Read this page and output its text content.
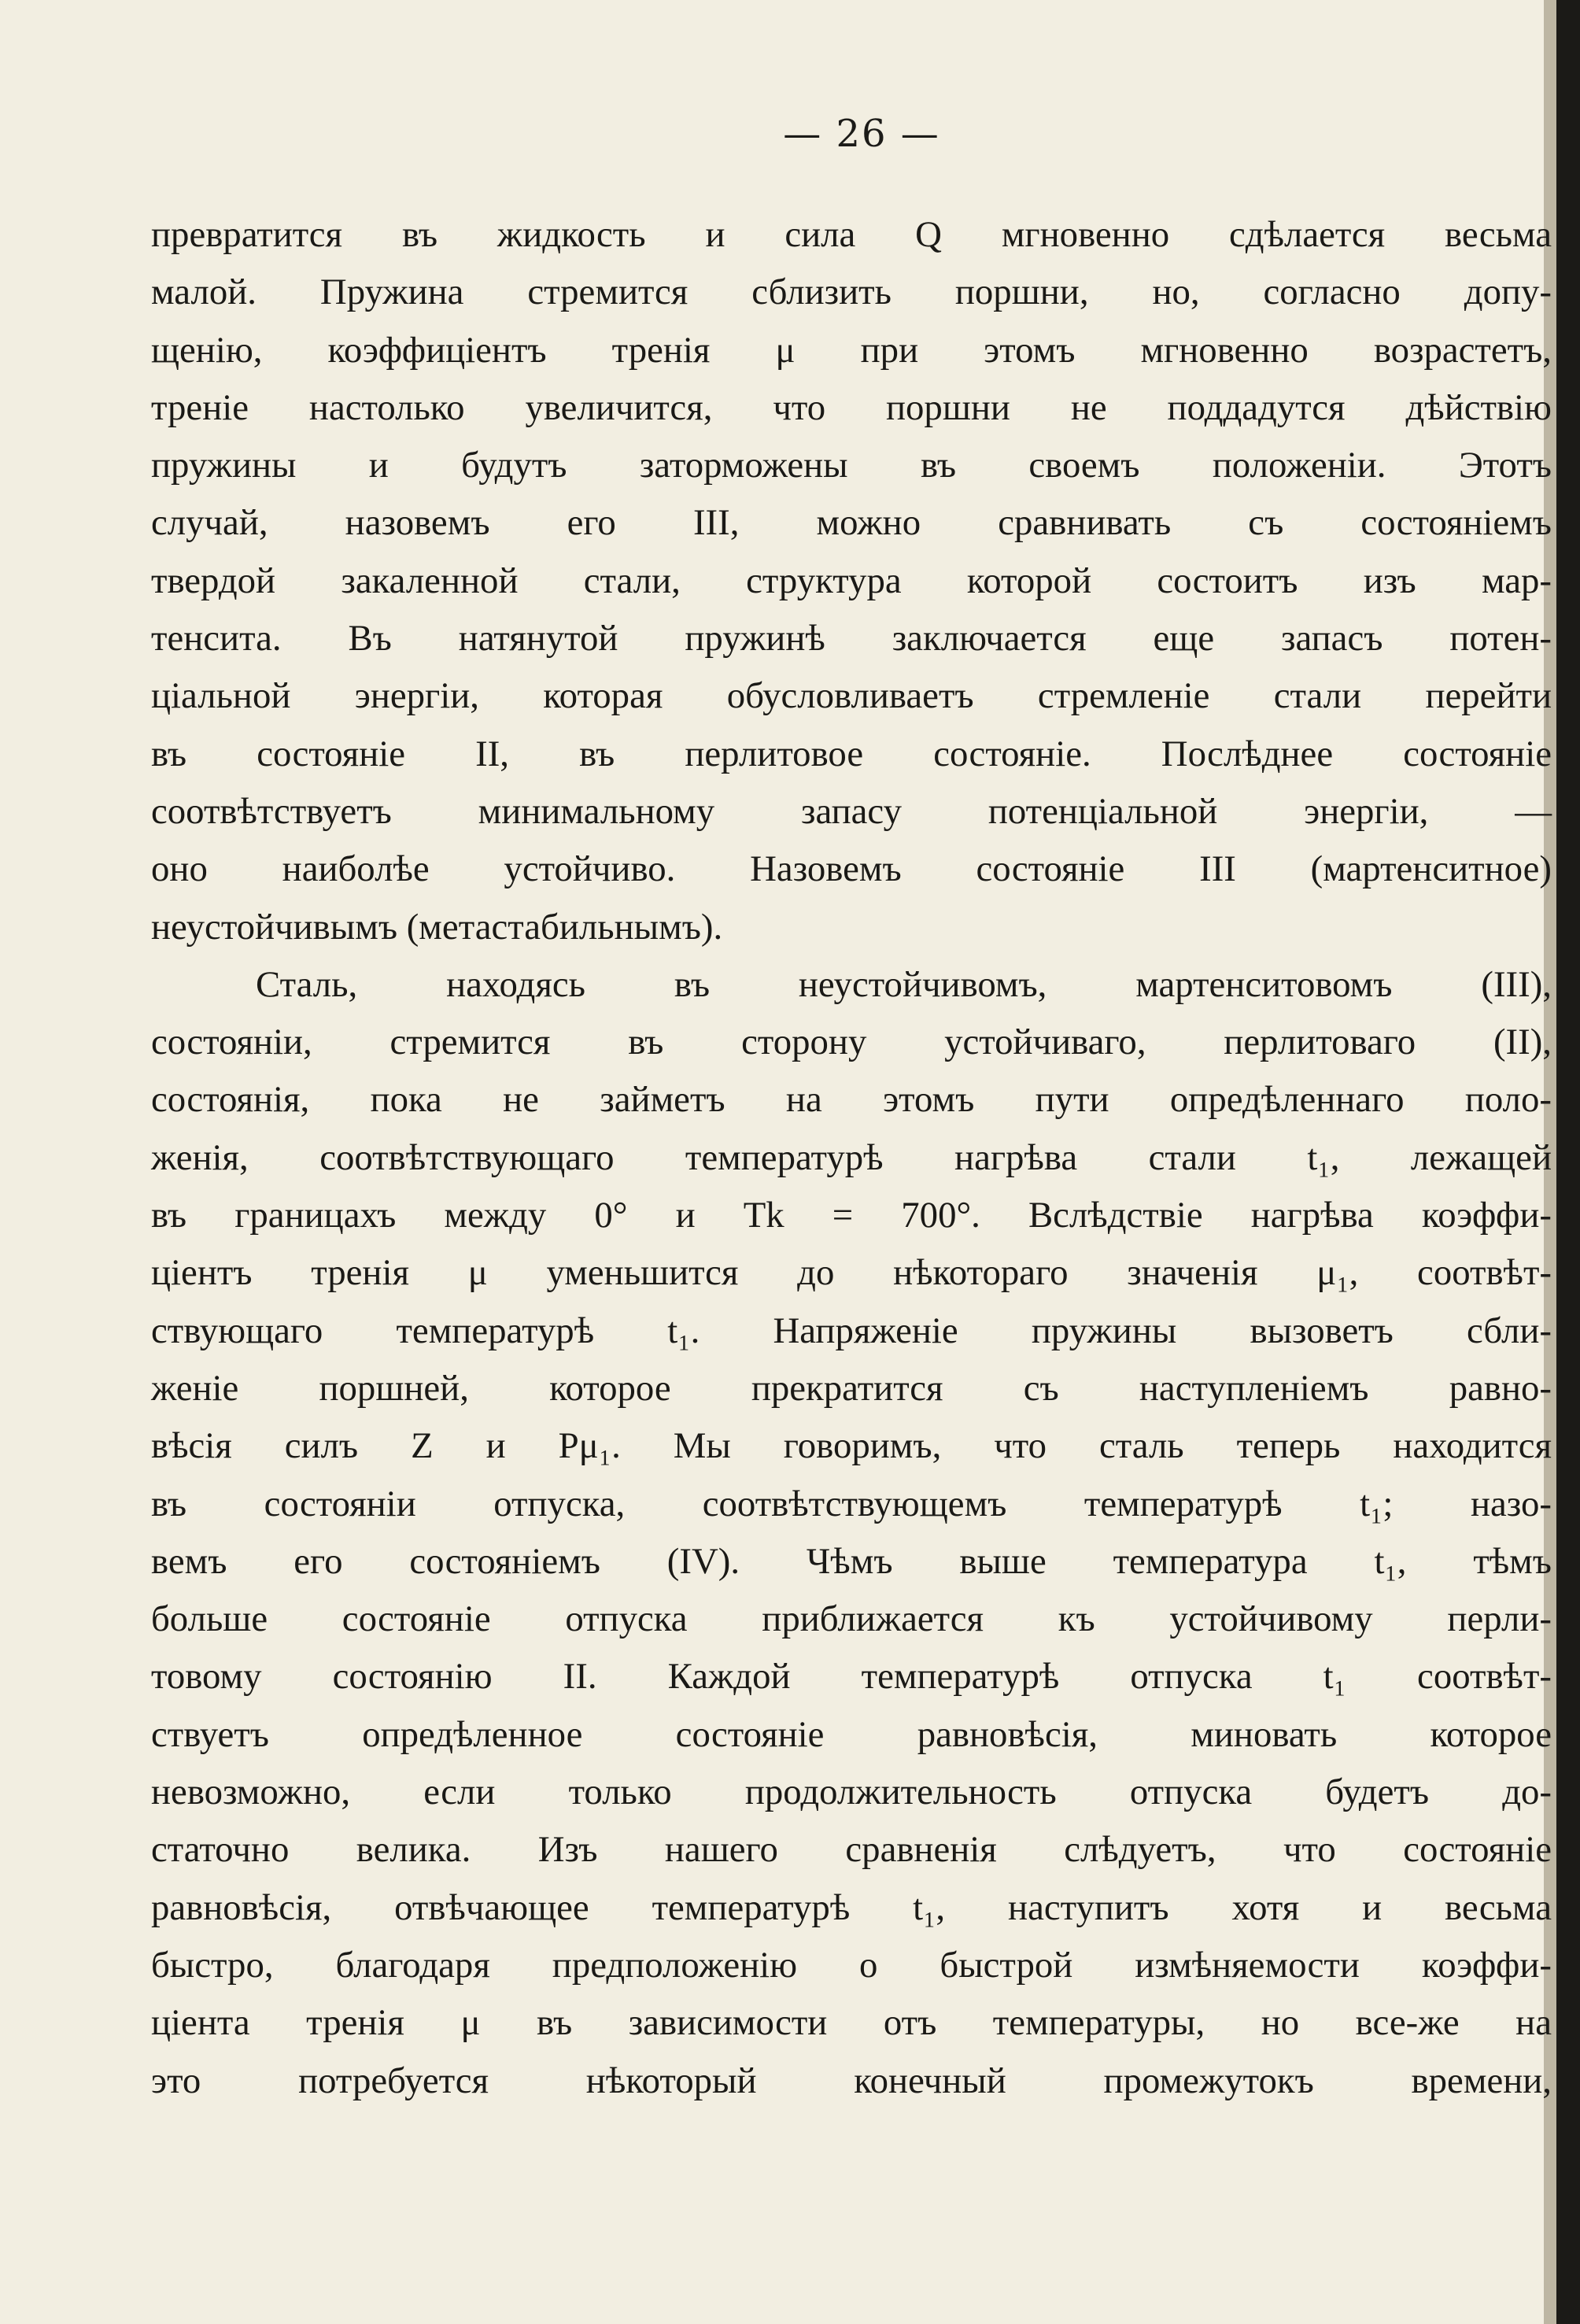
— 26 —
превратится въ жидкость и сила Q мгновенно сдѣлается весьма
малой. Пружина стремится сблизить поршни, но, согласно допу-
щенію, коэффиціентъ тренія μ при этомъ мгновенно возрастетъ,
треніе настолько увеличится, что поршни не поддадутся дѣйствію
пружины и будутъ заторможены въ своемъ положеніи. Этотъ
случай, назовемъ его III, можно сравнивать съ состояніемъ
твердой закаленной стали, структура которой состоитъ изъ мар-
тенсита. Въ натянутой пружинѣ заключается еще запасъ потен-
ціальной энергіи, которая обусловливаетъ стремленіе стали перейти
въ состояніе II, въ перлитовое состояніе. Послѣднее состояніе
соотвѣтствуетъ минимальному запасу потенціальной энергіи, —
оно наиболѣе устойчиво. Назовемъ состояніе III (мартенситное)
неустойчивымъ (метастабильнымъ).
Сталь, находясь въ неустойчивомъ, мартенситовомъ (III),
состояніи, стремится въ сторону устойчиваго, перлитоваго (II),
состоянія, пока не займетъ на этомъ пути опредѣленнаго поло-
женія, соотвѣтствующаго температурѣ нагрѣва стали t₁, лежащей
въ границахъ между 0° и Tk = 700°. Вслѣдствіе нагрѣва коэффи-
ціентъ тренія μ уменьшится до нѣкотораго значенія μ₁, соотвѣт-
ствующаго температурѣ t₁. Напряженіе пружины вызоветъ сбли-
женіе поршней, которое прекратится съ наступленіемъ равно-
вѣсія силъ Z и Pμ₁. Мы говоримъ, что сталь теперь находится
въ состояніи отпуска, соотвѣтствующемъ температурѣ t₁; назо-
вемъ его состояніемъ (IV). Чѣмъ выше температура t₁, тѣмъ
больше состояніе отпуска приближается къ устойчивому перли-
товому состоянію II. Каждой температурѣ отпуска t₁ соотвѣт-
ствуетъ опредѣленное состояніе равновѣсія, миновать которое
невозможно, если только продолжительность отпуска будетъ до-
статочно велика. Изъ нашего сравненія слѣдуетъ, что состояніе
равновѣсія, отвѣчающее температурѣ t₁, наступитъ хотя и весьма
быстро, благодаря предположенію о быстрой измѣняемости коэффи-
ціента тренія μ въ зависимости отъ температуры, но все-же на
это потребуется нѣкоторый конечный промежутокъ времени,
